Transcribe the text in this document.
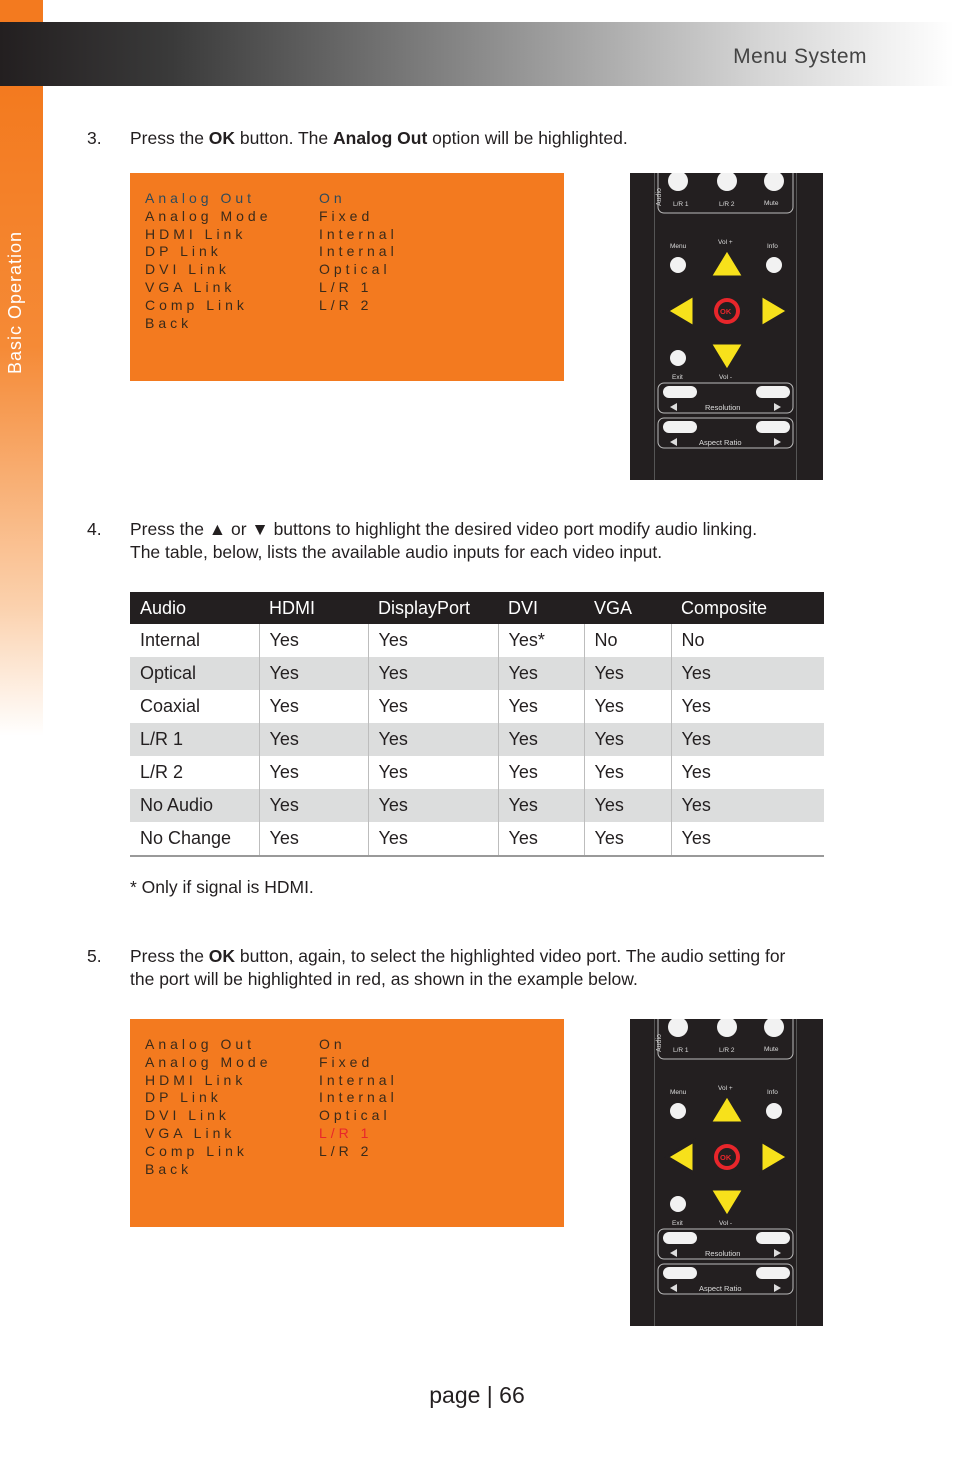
Menu System
Basic Operation
3. Press the OK button. The Analog Out option will be highlighted.
Analog Out	On
Analog Mode	Fixed
HDMI Link	Internal
DP Link	Internal
DVI Link	Optical
VGA Link	L/R 1
Comp Link	L/R 2
Back
Audio L/R 1	L/R 2	Mute
Menu
Vol +
Info
OK
Exit	Vol -
Resolution
Aspect Ratio
4. Press the ▲ or ▼ buttons to highlight the desired video port modify audio linking.
The table, below, lists the available audio inputs for each video input.
Audio	HDMI	DisplayPort	DVI	VGA	Composite
Internal	Yes	Yes	Yes*	No	No
Optical	Yes	Yes	Yes	Yes	Yes
Coaxial	Yes	Yes	Yes	Yes	Yes
L/R 1	Yes	Yes	Yes	Yes	Yes
L/R 2	Yes	Yes	Yes	Yes	Yes
No Audio	Yes	Yes	Yes	Yes	Yes
No Change	Yes	Yes	Yes	Yes	Yes
* Only if signal is HDMI.
5. Press the OK button, again, to select the highlighted video port. The audio setting for
the port will be highlighted in red, as shown in the example below.
Analog Out	On
Analog Mode	Fixed
HDMI Link	Internal
DP Link	Internal
DVI Link	Optical
VGA Link	L/R 1
Comp Link	L/R 2
Back
Audio L/R 1	L/R 2	Mute
Menu
Vol +
Info
OK
Exit	Vol -
Resolution
Aspect Ratio
page | 66
